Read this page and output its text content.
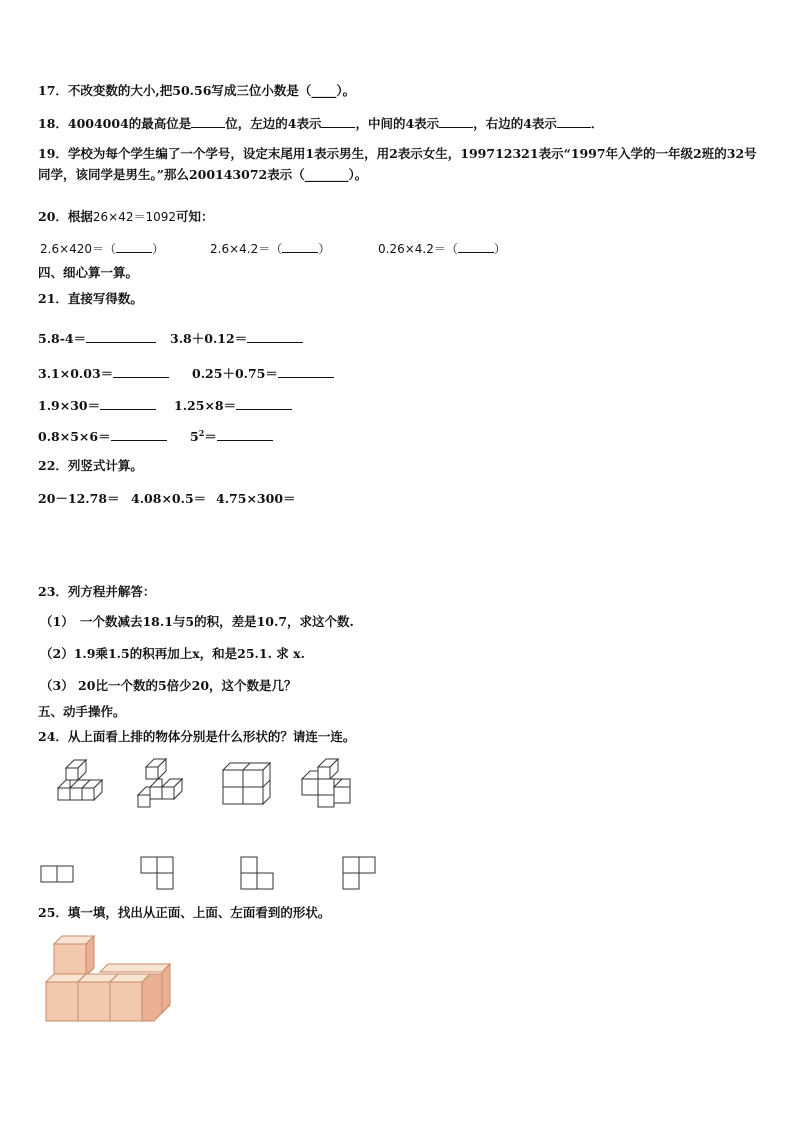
17．不改变数的大小,把50.56写成三位小数是（____）。
18．4004004的最高位是	位，左边的4表示	，中间的4表示	，右边的4表示	．
19．学校为每个学生编了一个学号，设定末尾用1表示男生，用2表示女生，199712321表示“1997年入学的一年级2班的32号同学，该同学是男生。”那么200143072表示（_______）。
20．根据26×42＝1092可知：
2.6×420＝（	）	2.6×4.2＝（	）	0.26×4.2＝（	）
四、细心算一算。
21．直接写得数。
5.8-4＝	3.8＋0.12＝
3.1×0.03＝	0.25＋0.75＝
1.9×30＝	1.25×8＝
0.8×5×6＝	$5^2=$
22．列竖式计算。
20－12.78＝ 4.08×0.5＝ 4.75×300＝
23．列方程并解答：
（1）　一个数减去18.1与5的积，差是10.7，求这个数.
（2）1.9乘1.5的积再加上x，和是25.1. 求 x.
（3） 20比一个数的5倍少20，这个数是几？
五、动手操作。
24．从上面看上排的物体分别是什么形状的？请连一连。
25．填一填，找出从正面、上面、左面看到的形状。
